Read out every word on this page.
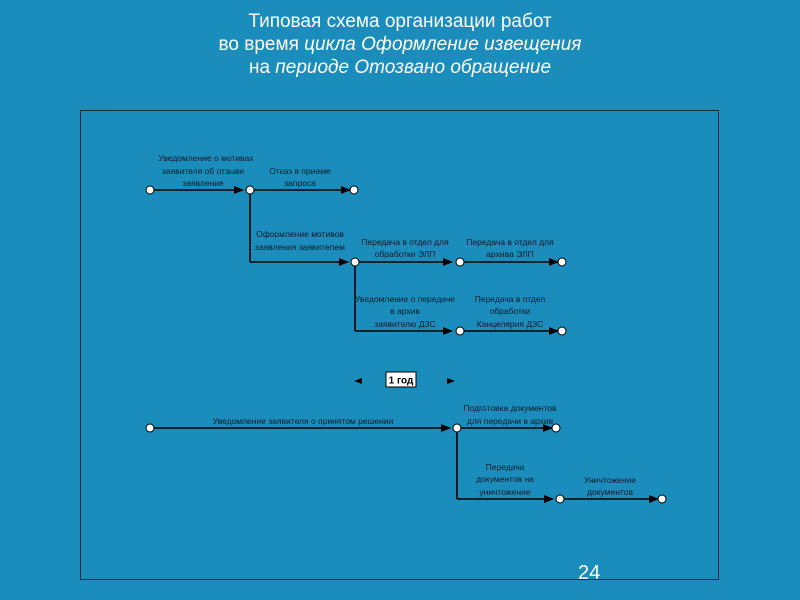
Типовая схема организации работ
во время цикла Оформление извещения
на периоде Отозвано обращение
Уведомление о мотивах
заявителя об отзыве
заявления
Отказ в приеме
запроса
Оформление мотивов
заявления заявителем Передача в отдел для
обработки ЭЛП
Передача в отдел для
архива ЭЛП
Уведомление о передаче
в архив
заявителю ДЗС
Передача в отдел
обработки
Канцелярия ДЗС
Уведомление заявителя о принятом решении
Подготовка документов
для передачи в архив
Передача
документов на
уничтожение
Уничтожение
документов
1 год
24
